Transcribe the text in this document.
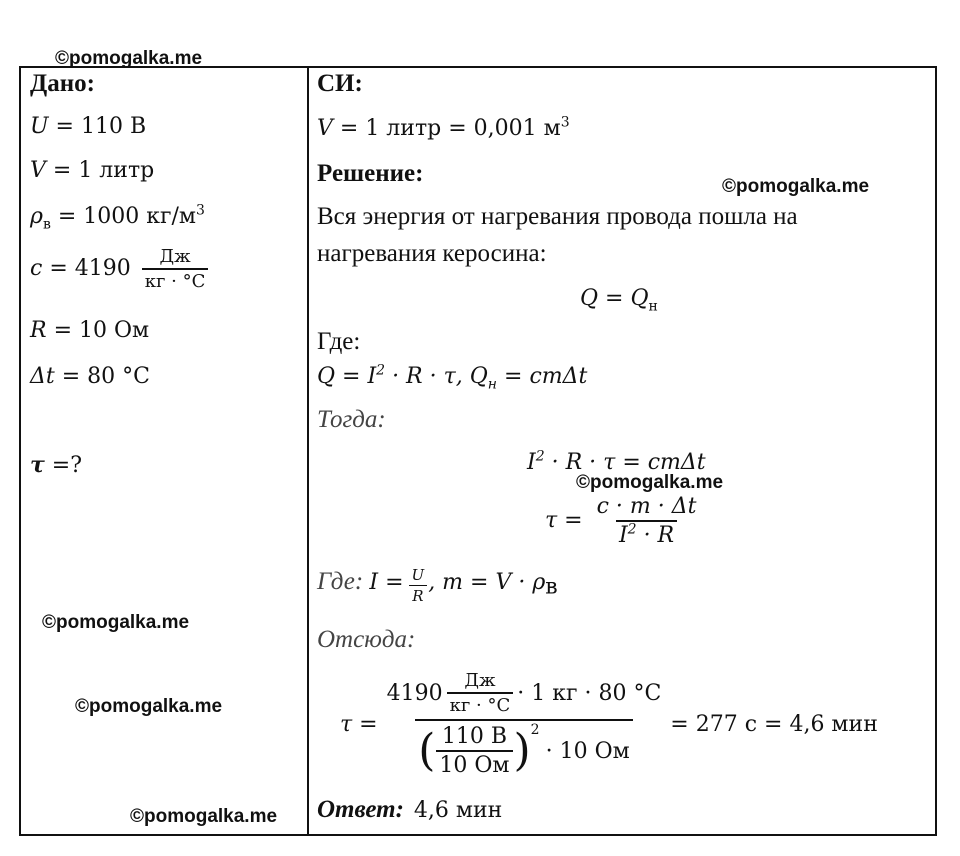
©pomogalka.me
©pomogalka.me
©pomogalka.me
©pomogalka.me
©pomogalka.me
©pomogalka.me
Дано:
U = 110 В
V = 1 литр
$\rho_в = 1000$ $кг/м^3$
$c = 4190 \frac{Дж}{кг \cdot ^\circ С}$
R = 10 Ом
Δt = 80 °С
τ =?
СИ:
V = 1 литр = 0,001 $м^3$
Решение:
Вся энергия от нагревания провода пошла на
нагревания керосина:
$Q = Q_н$
Где:
$Q = I^2 \cdot R \cdot \tau$, $Q_н = cm\Delta t$
Тогда:
$I^2 \cdot R \cdot \tau = cm\Delta t$
$\tau = \frac{c \cdot m \cdot \Delta t}{I^2 \cdot R}$
Где: $I = \frac{U}{R}$ , $m = V \cdot \rho_в$
Отсюда:
$\tau = 4190 \frac{Дж}{кг \cdot ^\circ С} \cdot 1$ кг · 80 °С
( $\frac{110 В}{10 Ом}$ ) 2
· 10 Ом = 277 с = 4,6 мин
Ответ: 4,6 мин
